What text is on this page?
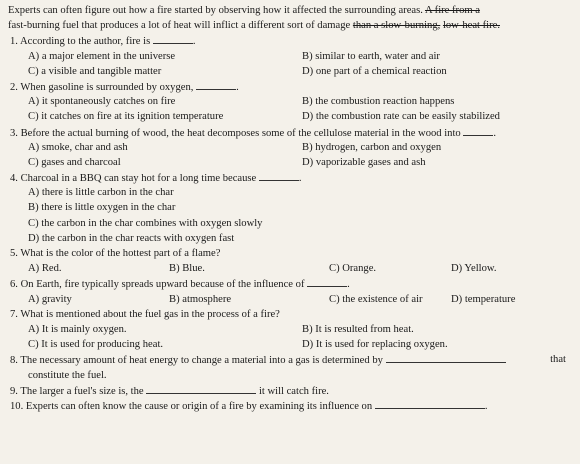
Experts can often figure out how a fire started by observing how it affected the surrounding areas. A fire from a
fast-burning fuel that produces a lot of heat will inflict a different sort of damage than a slow-burning, low-heat fire.
1. According to the author, fire is	.
A) a major element in the universe	B) similar to earth, water and air
C) a visible and tangible matter	D) one part of a chemical reaction
2. When gasoline is surrounded by oxygen,	.
A) it spontaneously catches on fire	B) the combustion reaction happens
C) it catches on fire at its ignition temperature	D) the combustion rate can be easily stabilized
3. Before the actual burning of wood, the heat decomposes some of the cellulose material in the wood into	.
A) smoke, char and ash	B) hydrogen, carbon and oxygen
C) gases and charcoal	D) vaporizable gases and ash
4. Charcoal in a BBQ can stay hot for a long time because	.
A) there is little carbon in the char
B) there is little oxygen in the char
C) the carbon in the char combines with oxygen slowly
D) the carbon in the char reacts with oxygen fast
5. What is the color of the hottest part of a flame?
A) Red.	B) Blue.	C) Orange.	D) Yellow.
6. On Earth, fire typically spreads upward because of the influence of	.
A) gravity	B) atmosphere	C) the existence of air	D) temperature
7. What is mentioned about the fuel gas in the process of a fire?
A) It is mainly oxygen.	B) It is resulted from heat.
C) It is used for producing heat.	D) It is used for replacing oxygen.
8. The necessary amount of heat energy to change a material into a gas is determined by	that
constitute the fuel.
9. The larger a fuel's size is, the	it will catch fire.
10. Experts can often know the cause or origin of a fire by examining its influence on	.
